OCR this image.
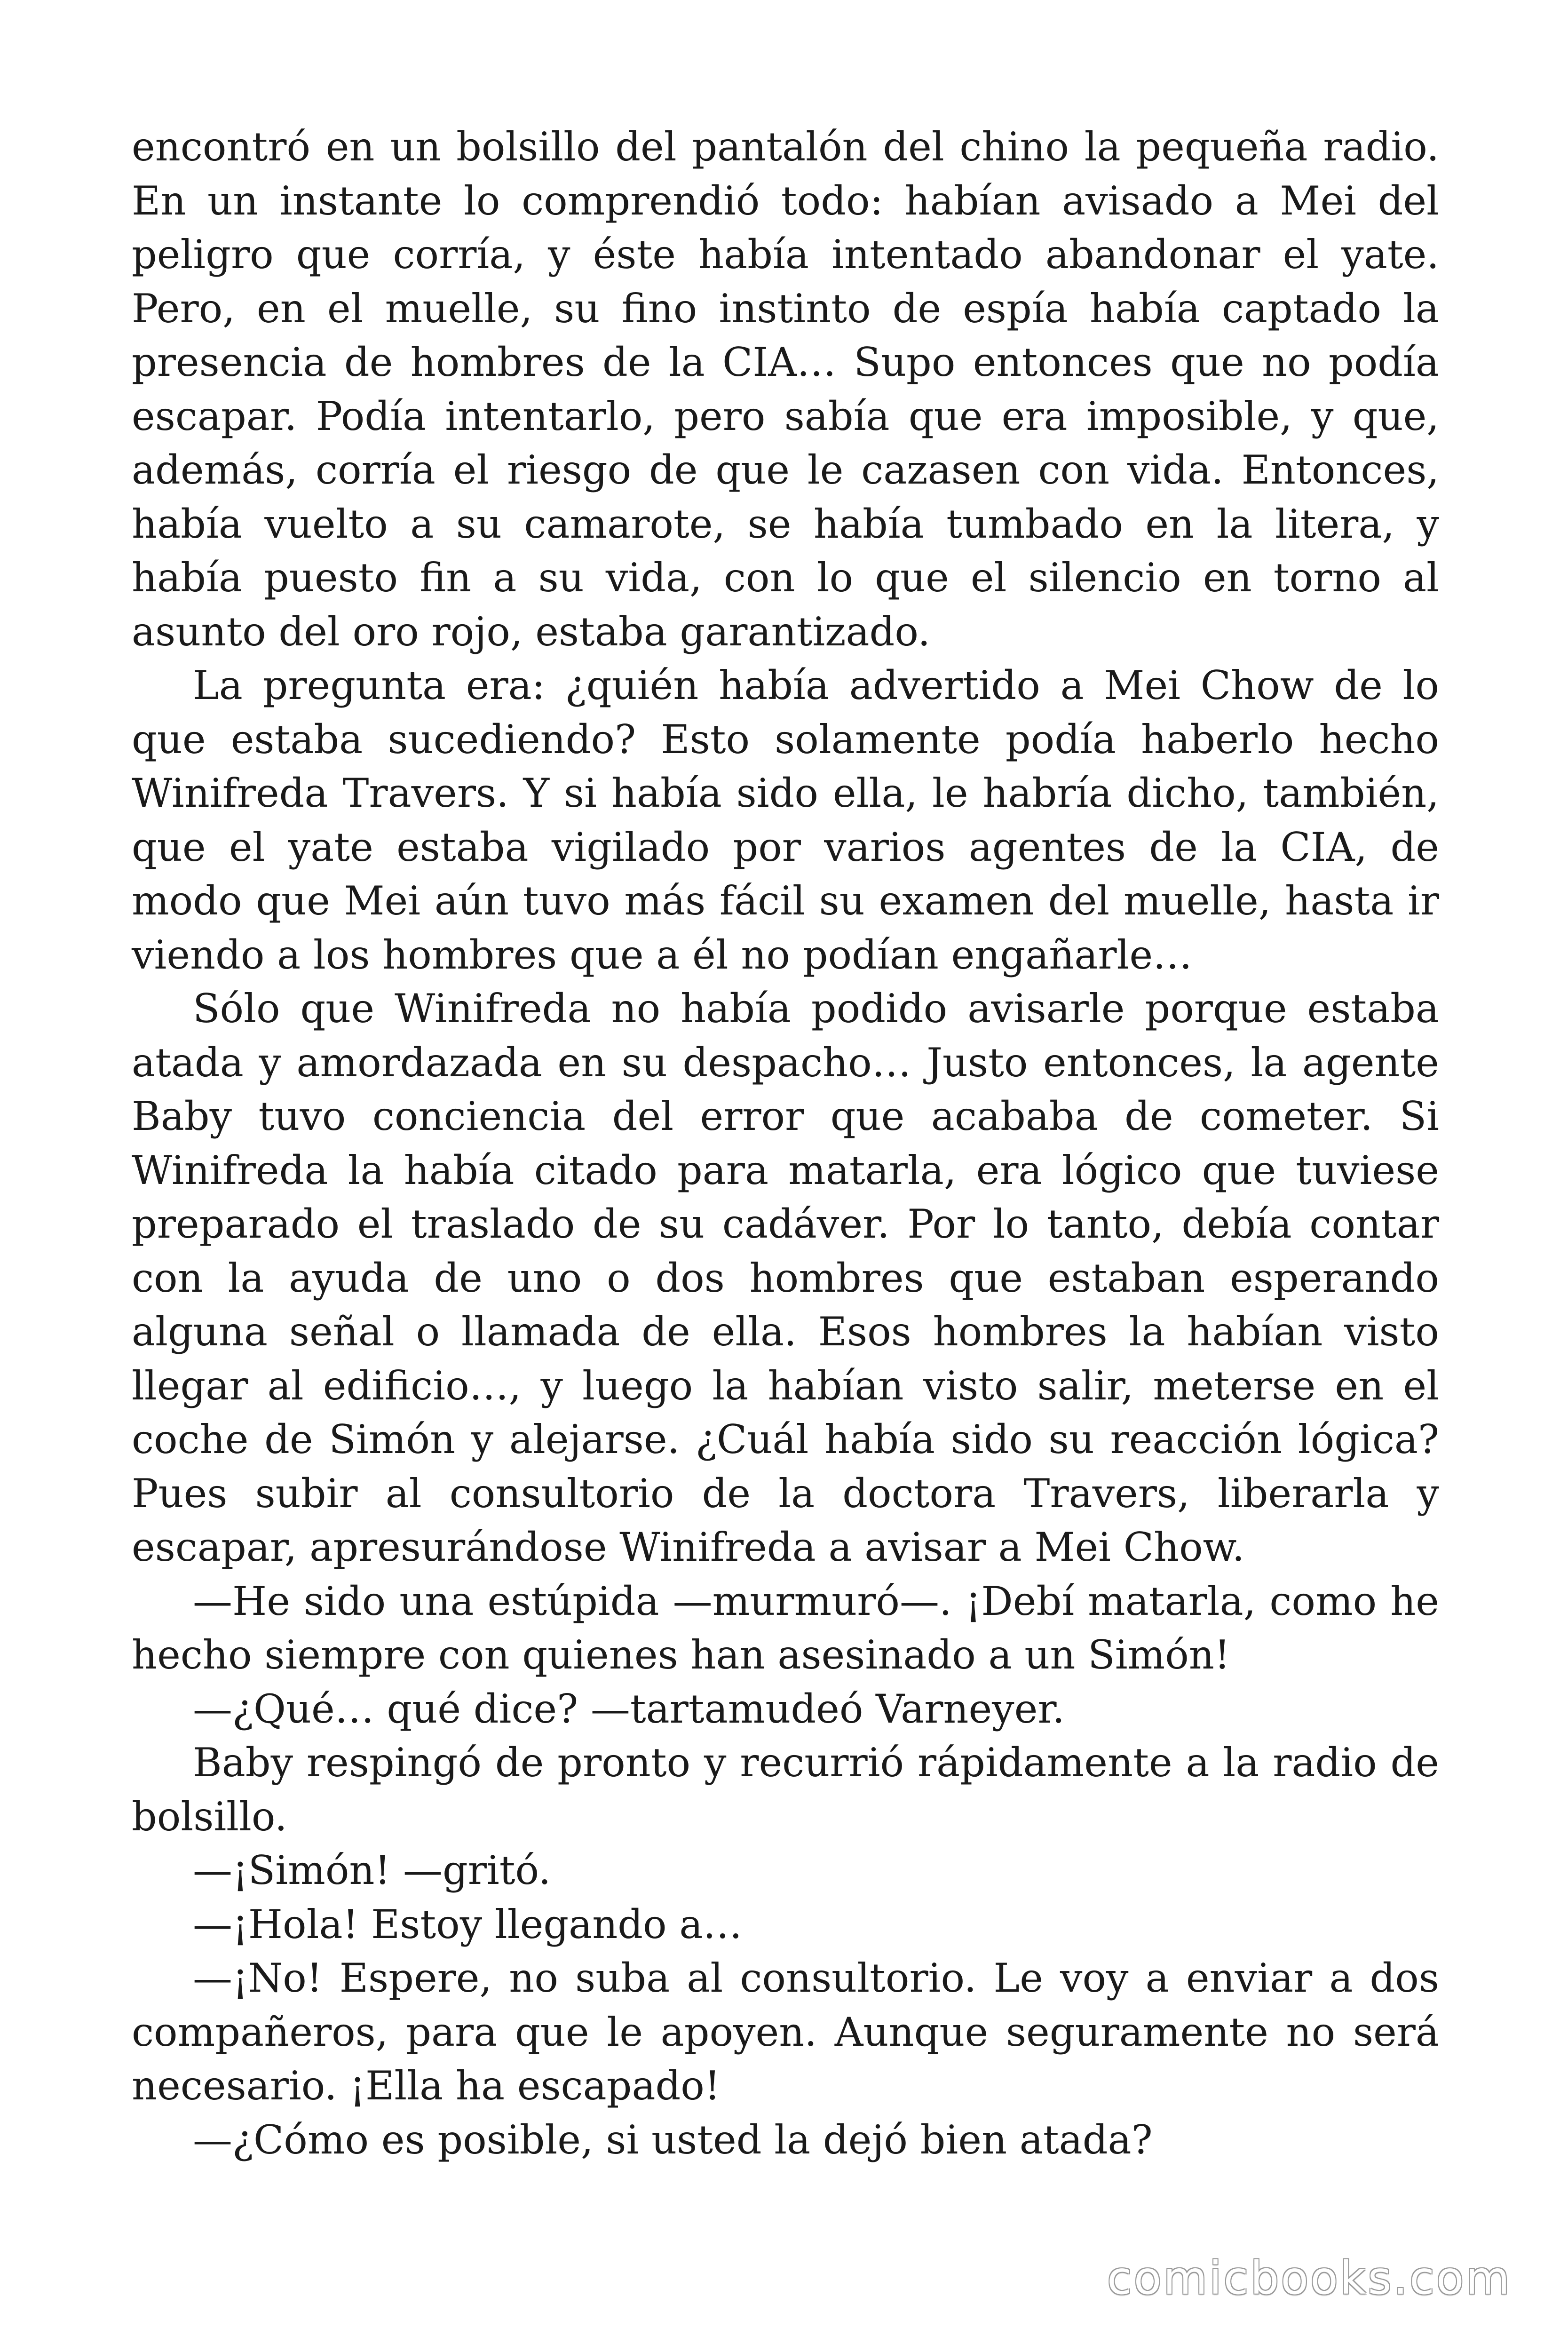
encontró en un bolsillo del pantalón del chino la pequeña radio. En un instante lo comprendió todo: habían avisado a Mei del peligro que corría, y éste había intentado abandonar el yate. Pero, en el muelle, su fino instinto de espía había captado la presencia de hombres de la CIA… Supo entonces que no podía escapar. Podía intentarlo, pero sabía que era imposible, y que, además, corría el riesgo de que le cazasen con vida. Entonces, había vuelto a su camarote, se había tumbado en la litera, y había puesto fin a su vida, con lo que el silencio en torno al asunto del oro rojo, estaba garantizado.

La pregunta era: ¿quién había advertido a Mei Chow de lo que estaba sucediendo? Esto solamente podía haberlo hecho Winifreda Travers. Y si había sido ella, le habría dicho, también, que el yate estaba vigilado por varios agentes de la CIA, de modo que Mei aún tuvo más fácil su examen del muelle, hasta ir viendo a los hombres que a él no podían engañarle…

Sólo que Winifreda no había podido avisarle porque estaba atada y amordazada en su despacho… Justo entonces, la agente Baby tuvo conciencia del error que acababa de cometer. Si Winifreda la había citado para matarla, era lógico que tuviese preparado el traslado de su cadáver. Por lo tanto, debía contar con la ayuda de uno o dos hombres que estaban esperando alguna señal o llamada de ella. Esos hombres la habían visto llegar al edificio…, y luego la habían visto salir, meterse en el coche de Simón y alejarse. ¿Cuál había sido su reacción lógica? Pues subir al consultorio de la doctora Travers, liberarla y escapar, apresurándose Winifreda a avisar a Mei Chow.

—He sido una estúpida —murmuró—. ¡Debí matarla, como he hecho siempre con quienes han asesinado a un Simón!

—¿Qué… qué dice? —tartamudeó Varneyer.

Baby respingó de pronto y recurrió rápidamente a la radio de bolsillo.

—¡Simón! —gritó.

—¡Hola! Estoy llegando a…

—¡No! Espere, no suba al consultorio. Le voy a enviar a dos compañeros, para que le apoyen. Aunque seguramente no será necesario. ¡Ella ha escapado!

—¿Cómo es posible, si usted la dejó bien atada?

comicbooks.com
